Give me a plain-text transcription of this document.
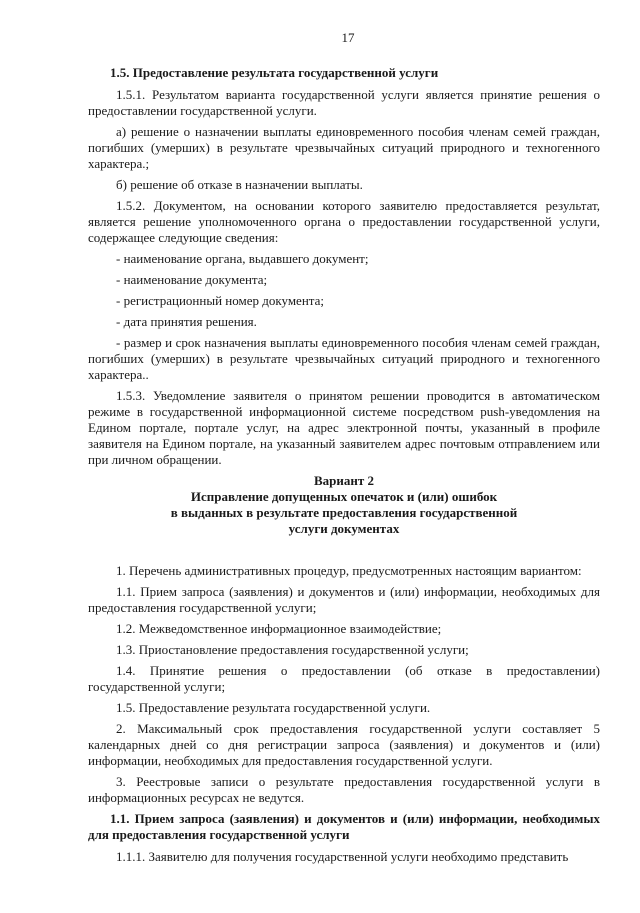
17
1.5. Предоставление результата государственной услуги

1.5.1. Результатом варианта государственной услуги является принятие решения о предоставлении государственной услуги.

а) решение о назначении выплаты единовременного пособия членам семей граждан, погибших (умерших) в результате чрезвычайных ситуаций природного и техногенного характера.;

б) решение об отказе в назначении выплаты.

1.5.2. Документом, на основании которого заявителю предоставляется результат, является решение уполномоченного органа о предоставлении государственной услуги, содержащее следующие сведения:

- наименование органа, выдавшего документ;

- наименование документа;

- регистрационный номер документа;

- дата принятия решения.

- размер и срок назначения выплаты единовременного пособия членам семей граждан, погибших (умерших) в результате чрезвычайных ситуаций природного и техногенного характера..

1.5.3. Уведомление заявителя о принятом решении проводится в автоматическом режиме в государственной информационной системе посредством push-уведомления на Едином портале, портале услуг, на адрес электронной почты, указанный в профиле заявителя на Едином портале, на указанный заявителем адрес почтовым отправлением или при личном обращении.

Вариант 2

Исправление допущенных опечаток и (или) ошибок

в выданных в результате предоставления государственной

услуги документах

1. Перечень административных процедур, предусмотренных настоящим вариантом:

1.1. Прием запроса (заявления) и документов и (или) информации, необходимых для предоставления государственной услуги;

1.2. Межведомственное информационное взаимодействие;

1.3. Приостановление предоставления государственной услуги;

1.4. Принятие решения о предоставлении (об отказе в предоставлении) государственной услуги;

1.5. Предоставление результата государственной услуги.

2. Максимальный срок предоставления государственной услуги составляет 5 календарных дней со дня регистрации запроса (заявления) и документов и (или) информации, необходимых для предоставления государственной услуги.

3. Реестровые записи о результате предоставления государственной услуги в информационных ресурсах не ведутся.

1.1. Прием запроса (заявления) и документов и (или) информации, необходимых для предоставления государственной услуги

1.1.1. Заявителю для получения государственной услуги необходимо представить
